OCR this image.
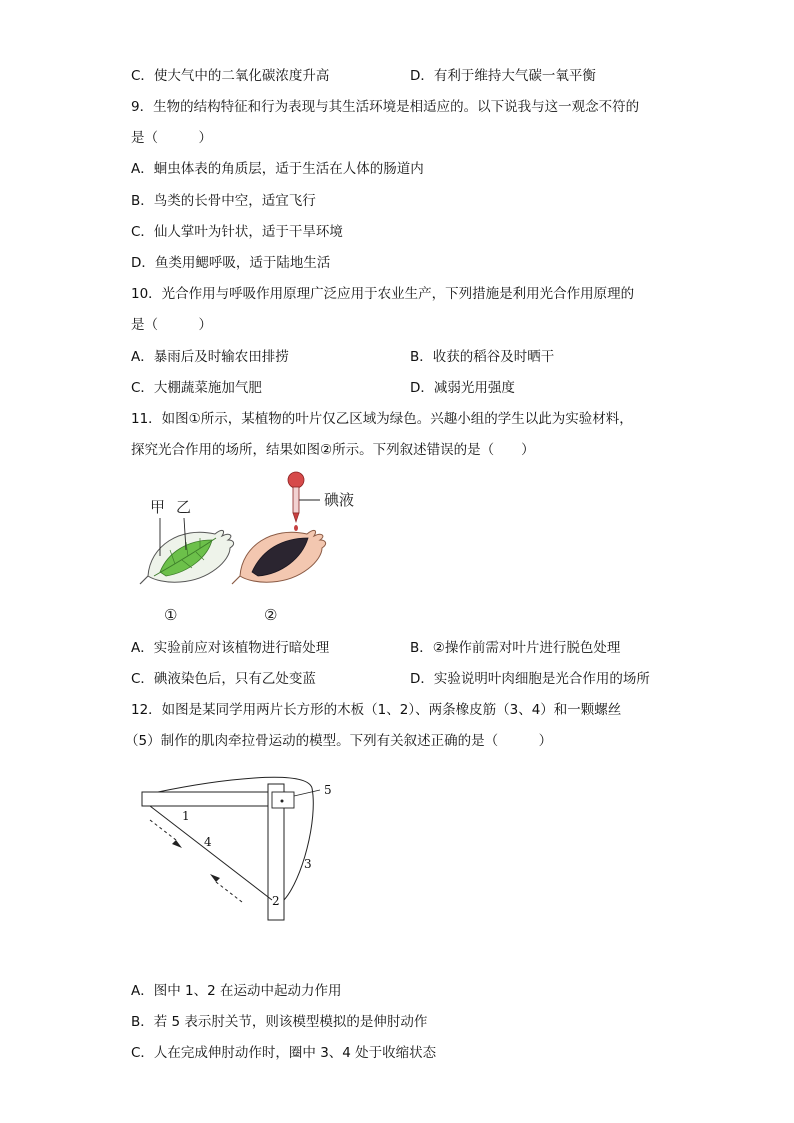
C．使大气中的二氧化碳浓度升高	D．有利于维持大气碳一氧平衡
9．生物的结构特征和行为表现与其生活环境是相适应的。以下说我与这一观念不符的
是（　　　）
A．蛔虫体表的角质层，适于生活在人体的肠道内
B．鸟类的长骨中空，适宜飞行
C．仙人掌叶为针状，适于干旱环境
D．鱼类用鳃呼吸，适于陆地生活
10．光合作用与呼吸作用原理广泛应用于农业生产，下列措施是利用光合作用原理的
是（　　　）
A．暴雨后及时输农田排捞	B．收获的稻谷及时晒干
C．大棚蔬菜施加气肥	D．减弱光用强度
11．如图①所示，某植物的叶片仅乙区域为绿色。兴趣小组的学生以此为实验材料，
探究光合作用的场所，结果如图②所示。下列叙述错误的是（　　）
甲 乙
①
碘液
②
A．实验前应对该植物进行暗处理	B．②操作前需对叶片进行脱色处理
C．碘液染色后，只有乙处变蓝	D．实验说明叶肉细胞是光合作用的场所
12．如图是某同学用两片长方形的木板（1、2）、两条橡皮筋（3、4）和一颗螺丝
（5）制作的肌肉牵拉骨运动的模型。下列有关叙述正确的是（　　　）
1
2
3
4
5
A．图中 1、2 在运动中起动力作用
B．若 5 表示肘关节，则该模型模拟的是伸肘动作
C．人在完成伸肘动作时，圈中 3、4 处于收缩状态
